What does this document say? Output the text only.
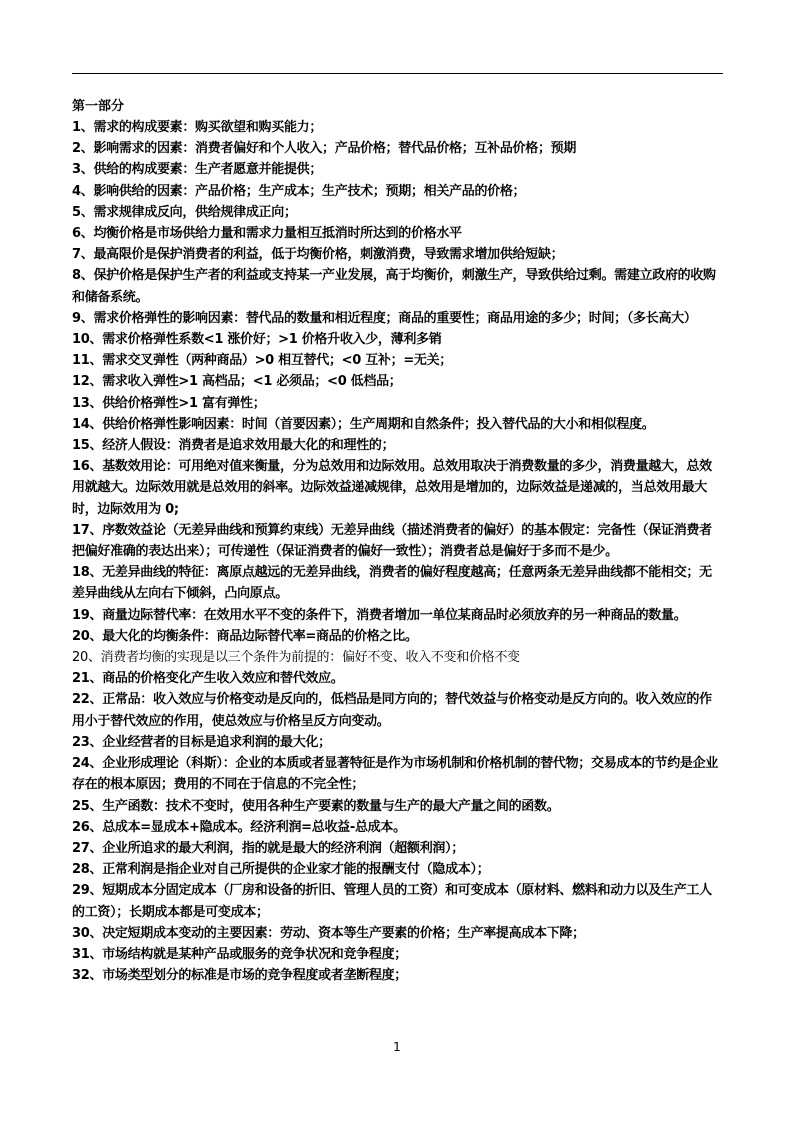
第一部分
1、需求的构成要素：购买欲望和购买能力；
2、影响需求的因素：消费者偏好和个人收入；产品价格；替代品价格；互补品价格；预期
3、供给的构成要素：生产者愿意并能提供；
4、影响供给的因素：产品价格；生产成本；生产技术；预期；相关产品的价格；
5、需求规律成反向，供给规律成正向；
6、均衡价格是市场供给力量和需求力量相互抵消时所达到的价格水平
7、最高限价是保护消费者的利益，低于均衡价格，刺激消费，导致需求增加供给短缺；
8、保护价格是保护生产者的利益或支持某一产业发展，高于均衡价，刺激生产，导致供给过剩。需建立政府的收购和储备系统。
9、需求价格弹性的影响因素：替代品的数量和相近程度；商品的重要性；商品用途的多少；时间；（多长高大）
10、需求价格弹性系数<1 涨价好；>1 价格升收入少，薄利多销
11、需求交叉弹性（两种商品）>0 相互替代；<0 互补；=无关；
12、需求收入弹性>1 高档品；<1 必须品；<0 低档品；
13、供给价格弹性>1 富有弹性；
14、供给价格弹性影响因素：时间（首要因素）；生产周期和自然条件；投入替代品的大小和相似程度。
15、经济人假设：消费者是追求效用最大化的和理性的；
16、基数效用论：可用绝对值来衡量，分为总效用和边际效用。总效用取决于消费数量的多少，消费量越大，总效用就越大。边际效用就是总效用的斜率。边际效益递减规律，总效用是增加的，边际效益是递减的，当总效用最大时，边际效用为 0;
17、序数效益论（无差异曲线和预算约束线）无差异曲线（描述消费者的偏好）的基本假定：完备性（保证消费者把偏好准确的表达出来）；可传递性（保证消费者的偏好一致性）；消费者总是偏好于多而不是少。
18、无差异曲线的特征：离原点越远的无差异曲线，消费者的偏好程度越高；任意两条无差异曲线都不能相交；无差异曲线从左向右下倾斜，凸向原点。
19、商量边际替代率：在效用水平不变的条件下，消费者增加一单位某商品时必须放弃的另一种商品的数量。
20、最大化的均衡条件：商品边际替代率=商品的价格之比。
20、消费者均衡的实现是以三个条件为前提的：偏好不变、收入不变和价格不变
21、商品的价格变化产生收入效应和替代效应。
22、正常品：收入效应与价格变动是反向的，低档品是同方向的；替代效益与价格变动是反方向的。收入效应的作用小于替代效应的作用，使总效应与价格呈反方向变动。
23、企业经营者的目标是追求利润的最大化；
24、企业形成理论（科斯）：企业的本质或者显著特征是作为市场机制和价格机制的替代物；交易成本的节约是企业存在的根本原因；费用的不同在于信息的不完全性；
25、生产函数：技术不变时，使用各种生产要素的数量与生产的最大产量之间的函数。
26、总成本=显成本+隐成本。经济利润=总收益-总成本。
27、企业所追求的最大利润，指的就是最大的经济利润（超额利润）；
28、正常利润是指企业对自己所提供的企业家才能的报酬支付（隐成本）；
29、短期成本分固定成本（厂房和设备的折旧、管理人员的工资）和可变成本（原材料、燃料和动力以及生产工人的工资）；长期成本都是可变成本；
30、决定短期成本变动的主要因素：劳动、资本等生产要素的价格；生产率提高成本下降；
31、市场结构就是某种产品或服务的竞争状况和竞争程度；
32、市场类型划分的标准是市场的竞争程度或者垄断程度；
1
